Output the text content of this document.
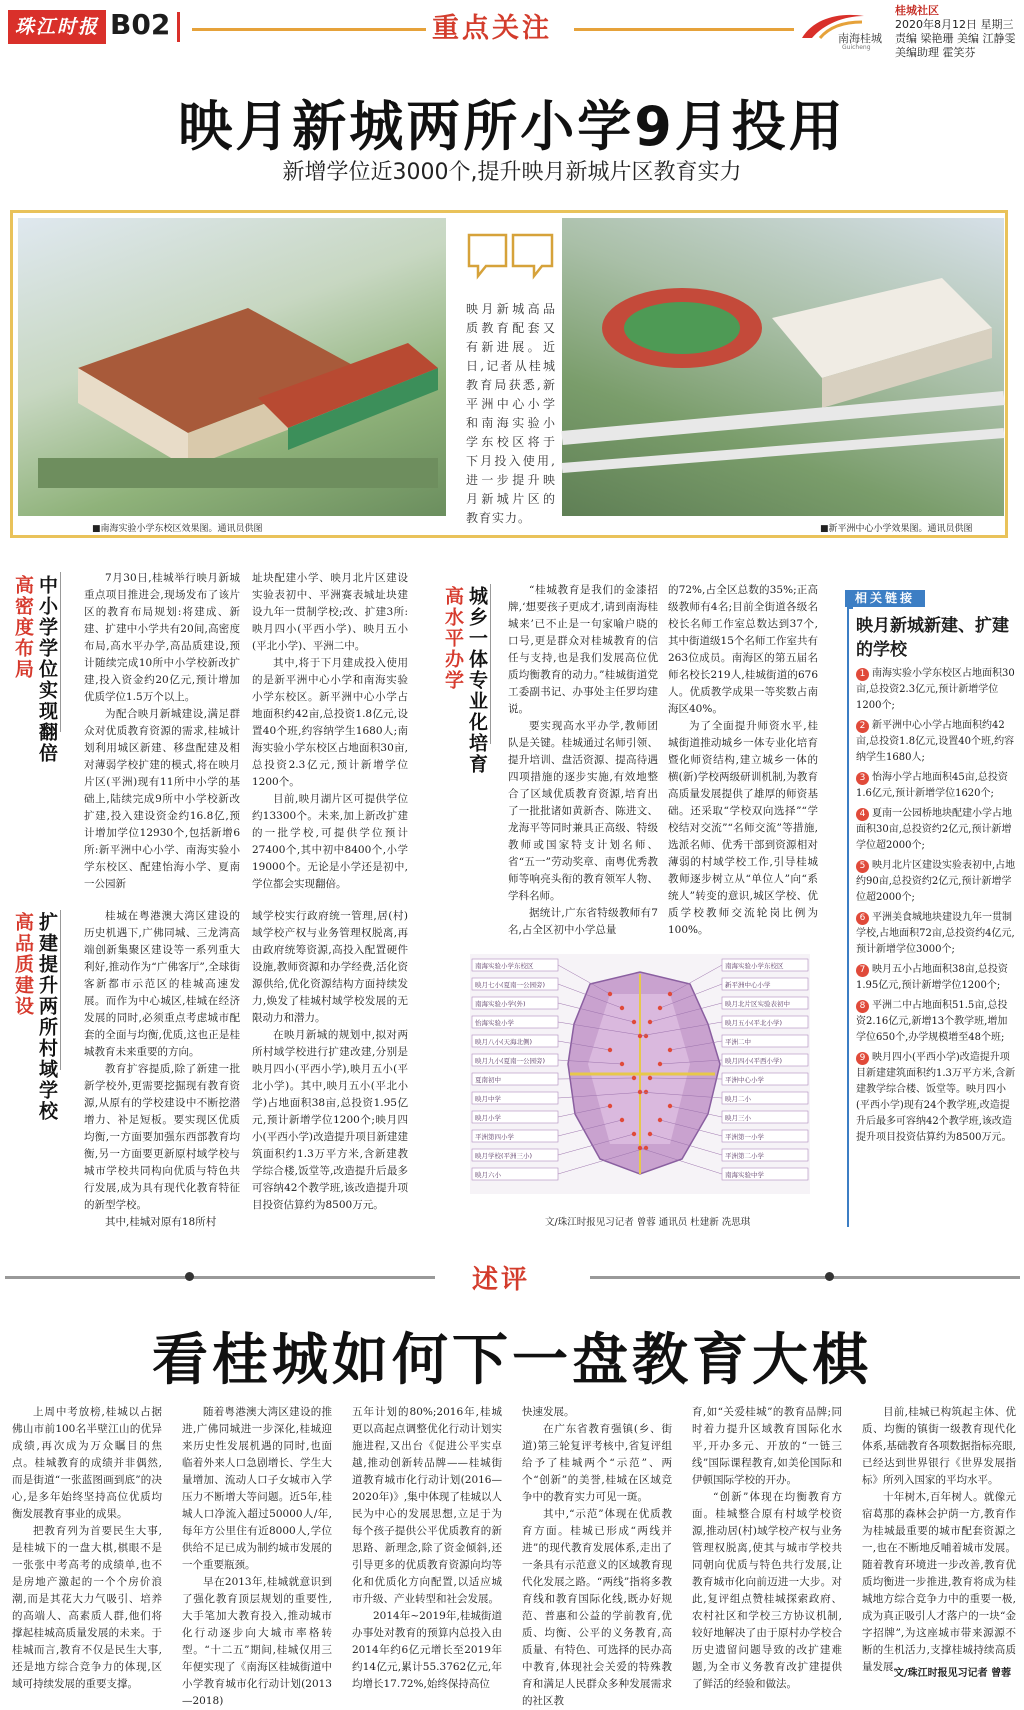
珠江时报 B02	重点关注	南海桂城
Guicheng
桂城社区
2020年8月12日 星期三
责编 梁艳珊 美编 江静雯
美编助理 霍笑芬
映月新城两所小学9月投用
新增学位近3000个,提升映月新城片区教育实力
映月新城高品质教育配套又有新进展。近日,记者从桂城教育局获悉,新平洲中心小学和南海实验小学东校区将于下月投入使用,进一步提升映月新城片区的教育实力。
■南海实验小学东校区效果图。通讯员供图	■新平洲中心小学效果图。通讯员供图
高密度布局 中小学学位实现翻倍	7月30日,桂城举行映月新城重点项目推进会,现场发布了该片区的教育布局规划:将建成、新建、扩建中小学共有20间,高密度布局,高水平办学,高品质建设,预计随续完成10所中小学校新改扩建,投入资金约20亿元,预计增加优质学位1.5万个以上。

为配合映月新城建设,满足群众对优质教育资源的需求,桂城计划利用城区新建、移盘配建及相对薄弱学校扩建的模式,将在映月片区(平洲)现有11所中小学的基础上,陆续完成9所中小学校新改扩建,投入建设资金约16.8亿,预计增加学位12930个,包括新增6所:新平洲中心小学、南海实验小学东校区、配建怡海小学、夏南一公园新

址块配建小学、映月北片区建设实验表初中、平洲赛表城址块建设九年一贯制学校;改、扩建3所:映月四小(平西小学)、映月五小(平北小学)、平洲二中。

其中,将于下月建成投入使用的是新平洲中心小学和南海实验小学东校区。新平洲中心小学占地面积约42亩,总投资1.8亿元,设置40个班,约容纳学生1680人;南海实验小学东校区占地面积30亩,总投资2.3亿元,预计新增学位1200个。

目前,映月湖片区可提供学位约13300个。未来,加上新改扩建的一批学校,可提供学位预计27400个,其中初中8400个,小学19000个。无论是小学还是初中,学位都会实现翻倍。

高品质建设 扩建提升两所村域学校	桂城在粤港澳大湾区建设的历史机遇下,广佛同城、三龙湾高端创新集聚区建设等一系列重大利好,推动作为“广佛客厅”,全球街客新都市示范区的桂城高速发展。而作为中心城区,桂城在经济发展的同时,必须重点考虑城市配套的全面与均衡,优质,这也正是桂城教育未来重要的方向。

教育扩容提质,除了新建一批新学校外,更需要挖掘现有教育资源,从原有的学校建设中不断挖潜增力、补足短板。要实现区优质均衡,一方面要加强东西部教育均衡,另一方面要更新原村域学校与城市学校共同构向优质与特色共行发展,成为具有现代化教育特征的新型学校。

其中,桂城对原有18所村

域学校实行政府统一管理,居(村)域学校产权与业务管理权脱离,再由政府统筹资源,高投入配置硬件设施,教师资源和办学经费,活化资源供给,优化资源结构方面持续发力,焕发了桂城村域学校发展的无限动力和潜力。

在映月新城的规划中,拟对两所村域学校进行扩建改建,分别是映月四小(平西小学),映月五小(平北小学)。其中,映月五小(平北小学)占地面积38亩,总投资1.95亿元,预计新增学位1200个;映月四小(平西小学)改造提升项目新建建筑面积约1.3万平方米,含新建教学综合楼,饭堂等,改造提升后最多可容纳42个教学班,该改造提升项目投资估算约为8500万元。

高水平办学 城乡一体专业化培育	“桂城教育是我们的金漆招牌,‘想要孩子更成才,请到南海桂城来’已不止是一句家喻户晓的口号,更是群众对桂城教育的信任与支持,也是我们发展高位优质均衡教育的动力。”桂城街道党工委副书记、办事处主任罗均建说。

要实现高水平办学,教师团队是关键。桂城通过名师引领、提升培训、盘活资源、提高待遇四项措施的逐步实施,有效地整合了区域优质教育资源,培育出了一批批诸如黄新杏、陈进文、龙海平等同时兼具正高级、特级教师或国家特支计划名师、省“五一”劳动奖章、南粤优秀教师等响亮头衔的教育领军人物、学科名师。

据统计,广东省特级教师有7名,占全区初中小学总量

的72%,占全区总数的35%;正高级教师有4名;目前全街道各级名校长名师工作室总数达到37个,其中街道级15个名师工作室共有263位成员。南海区的第五届名师名校长219人,桂城街道的676人。优质教学成果一等奖数占南海区40%。

为了全面提升师资水平,桂城街道推动城乡一体专业化培育暨化师资结构,建立城乡一体的横(新)学校两级研训机制,为教育高质量发展提供了雄厚的师资基础。还采取“学校双向选择”“学校结对交流”“名师交流”等措施,选派名师、优秀干部到资源相对薄弱的村域学校工作,引导桂城教师逐步树立从“单位人”向“系统人”转变的意识,城区学校、优质学校教师交流轮岗比例为100%。

相关链接
映月新城新建、扩建的学校
1 南海实验小学东校区占地面积30亩,总投资2.3亿元,预计新增学位1200个;
2 新平洲中心小学占地面积约42亩,总投资1.8亿元,设置40个班,约容纳学生1680人;
3 怡海小学占地面积45亩,总投资1.6亿元,预计新增学位1620个;
4 夏南一公园桥地块配建小学占地面积30亩,总投资约2亿元,预计新增学位超2000个;
5 映月北片区建设实验表初中,占地约90亩,总投资约2亿元,预计新增学位超2000个;
6 平洲美食城地块建设九年一贯制学校,占地面积72亩,总投资约4亿元,预计新增学位3000个;
7 映月五小占地面积38亩,总投资1.95亿元,预计新增学位1200个;
8 平洲二中占地面积51.5亩,总投资2.16亿元,新增13个教学班,增加学位650个,办学规模增至48个班;
9 映月四小(平西小学)改造提升项目新建建筑面积约1.3万平方米,含新建教学综合楼、饭堂等。映月四小(平西小学)现有24个教学班,改造提升后最多可容纳42个教学班,该改造提升项目投资估算约为8500万元。
南海实验小学东校区
映月七小(夏南一公园旁)
南海实验小学(外)
怡海实验小学
映月八小(天海北侧)
映月九小(夏南一公园旁)
夏南初中
映月中学
映月小学
平洲第四小学
映月学校(平洲三小)
映月六小
南海实验小学东校区
新平洲中心小学
映月北片区实验表初中
映月五小(平北小学)
平洲二中
映月四小(平西小学)
平洲中心小学
映月二小
映月三小
平洲第一小学
平洲第二小学
南海实验中学
文/珠江时报见习记者 曾蓉 通讯员 杜建新 冼思琪
述评
看桂城如何下一盘教育大棋

上周中考放榜,桂城以占据佛山市前100名半壁江山的优异成绩,再次成为万众瞩目的焦点。桂城教育的成绩并非偶然,而是街道“一张蓝图画到底”的决心,是多年始终坚持高位优质均衡发展教育事业的成果。

把教育列为首要民生大事,是桂城下的一盘大棋,棋眼不是一张张中考高考的成绩单,也不是房地产激起的一个个房价浪潮,而是其花大力气吸引、培养的高端人、高素质人群,他们将撑起桂城高质量发展的未来。于桂城而言,教育不仅是民生大事,还是地方综合竞争力的体现,区域可持续发展的重要支撑。

随着粤港澳大湾区建设的推进,广佛同城进一步深化,桂城迎来历史性发展机遇的同时,也面临着外来人口急剧增长、学生大量增加、流动人口子女城市入学压力不断增大等问题。近5年,桂城人口净流入超过50000人/年,每年方公里住有近8000人,学位供给不足已成为制约城市发展的一个重要瓶颈。

早在2013年,桂城就意识到了强化教育顶层规划的重要性,大手笔加大教育投入,推动城市化行动逐步向大城市率格转型。“十二五”期间,桂城仅用三年便实现了《南海区桂城街道中小学教育城市化行动计划(2013—2018)

五年计划的80%;2016年,桂城更以高起点调整优化行动计划实施进程,又出台《促进公平实卓越,推动创新转品牌——桂城街道教育城市化行动计划(2016—2020年)》,集中体现了桂城以人民为中心的发展思想,立足于为每个孩子提供公平优质教育的新思路、新理念,除了资金倾斜,还引导更多的优质教育资源向均等化和优质化方向配置,以适应城市升级、产业转型和社会发展。

2014年~2019年,桂城街道办事处对教育的预算内总投入由2014年约6亿元增长至2019年约14亿元,累计55.3762亿元,年均增长17.72%,始终保持高位

快速发展。

在广东省教育强镇(乡、街道)第三轮复评考核中,省复评组给予了桂城两个“示范”、两个“创新”的美誉,桂城在区域竞争中的教育实力可见一斑。

其中,“示范”体现在优质教育方面。桂城已形成“两线并进”的现代教育发展体系,走出了一条具有示范意义的区域教育现代化发展之路。“两线”指将多教育线和教育国际化线,既办好规范、普惠和公益的学前教育,优质、均衡、公平的义务教育,高质量、有特色、可选择的民办高中教育,体现社会关爱的特殊教育和满足人民群众多种发展需求的社区教

育,如“关爱桂城”的教育品牌;同时着力提升区域教育国际化水平,开办多元、开放的“一链三线”国际课程教育,如美伦国际和伊顿国际学校的开办。

“创新”体现在均衡教育方面。桂城整合原有村域学校资源,推动居(村)域学校产权与业务管理权脱离,使其与城市学校共同朝向优质与特色共行发展,让教育城市化向前迈进一大步。对此,复评组点赞桂城探索政府、农村社区和学校三方协议机制,较好地解决了由于原村办学校合历史遗留问题导致的改扩建难题,为全市义务教育改扩建提供了鲜活的经验和做法。

目前,桂城已构筑起主体、优质、均衡的镇街一级教育现代化体系,基础教育各项数据指标亮眼,已经达到世界银行《世界发展指标》所列入国家的平均水平。

十年树木,百年树人。就像元宿葛那的森林会护荫一方,教育作为桂城最重要的城市配套资源之一,也在不断地反哺着城市发展。随着教育环境进一步改善,教育优质均衡进一步推进,教育将成为桂城地方综合竞争力中的重要一极,成为真正吸引人才落户的一块“金字招牌”,为这座城市带来源源不断的生机活力,支撑桂城持续高质量发展。

文/珠江时报见习记者 曾蓉
